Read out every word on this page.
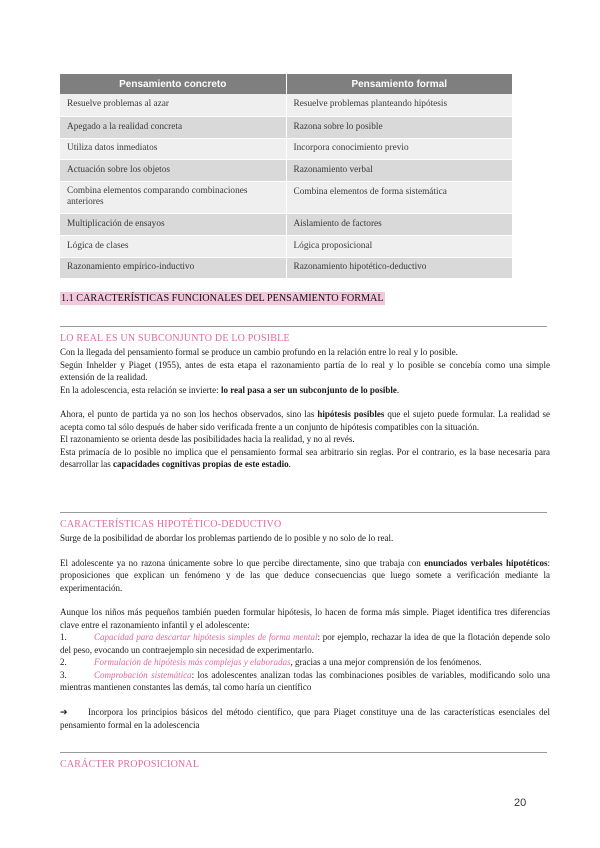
Pensamiento concreto	Pensamiento formal
Resuelve problemas al azar	Resuelve problemas planteando hipótesis
Apegado a la realidad concreta	Razona sobre lo posible
Utiliza datos inmediatos	Incorpora conocimiento previo
Actuación sobre los objetos	Razonamiento verbal
Combina elementos comparando combinaciones anteriores	Combina elementos de forma sistemática
Multiplicación de ensayos	Aislamiento de factores
Lógica de clases	Lógica proposicional
Razonamiento empírico-inductivo	Razonamiento hipotético-deductivo
1.1 CARACTERÍSTICAS FUNCIONALES DEL PENSAMIENTO FORMAL
LO REAL ES UN SUBCONJUNTO DE LO POSIBLE
Con la llegada del pensamiento formal se produce un cambio profundo en la relación entre lo real y lo posible.
Según Inhelder y Piaget (1955), antes de esta etapa el razonamiento partía de lo real y lo posible se concebía como una simple extensión de la realidad.
En la adolescencia, esta relación se invierte: lo real pasa a ser un subconjunto de lo posible.
Ahora, el punto de partida ya no son los hechos observados, sino las hipótesis posibles que el sujeto puede formular. La realidad se acepta como tal sólo después de haber sido verificada frente a un conjunto de hipótesis compatibles con la situación.
El razonamiento se orienta desde las posibilidades hacia la realidad, y no al revés.
Esta primacía de lo posible no implica que el pensamiento formal sea arbitrario sin reglas. Por el contrario, es la base necesaria para desarrollar las capacidades cognitivas propias de este estadio.
CARACTERÍSTICAS HIPOTÉTICO-DEDUCTIVO
Surge de la posibilidad de abordar los problemas partiendo de lo posible y no solo de lo real.
El adolescente ya no razona únicamente sobre lo que percibe directamente, sino que trabaja con enunciados verbales hipotéticos: proposiciones que explican un fenómeno y de las que deduce consecuencias que luego somete a verificación mediante la experimentación.
Aunque los niños más pequeños también pueden formular hipótesis, lo hacen de forma más simple. Piaget identifica tres diferencias clave entre el razonamiento infantil y el adolescente:
1.	Capacidad para descartar hipótesis simples de forma mental: por ejemplo, rechazar la idea de que la flotación depende solo del peso, evocando un contraejemplo sin necesidad de experimentarlo.
2.	Formulación de hipótesis más complejas y elaboradas, gracias a una mejor comprensión de los fenómenos.
3.	Comprobación sistemática: los adolescentes analizan todas las combinaciones posibles de variables, modificando solo una mientras mantienen constantes las demás, tal como haría un científico
➔ Incorpora los principios básicos del método científico, que para Piaget constituye una de las características esenciales del pensamiento formal en la adolescencia
CARÁCTER PROPOSICIONAL
20
